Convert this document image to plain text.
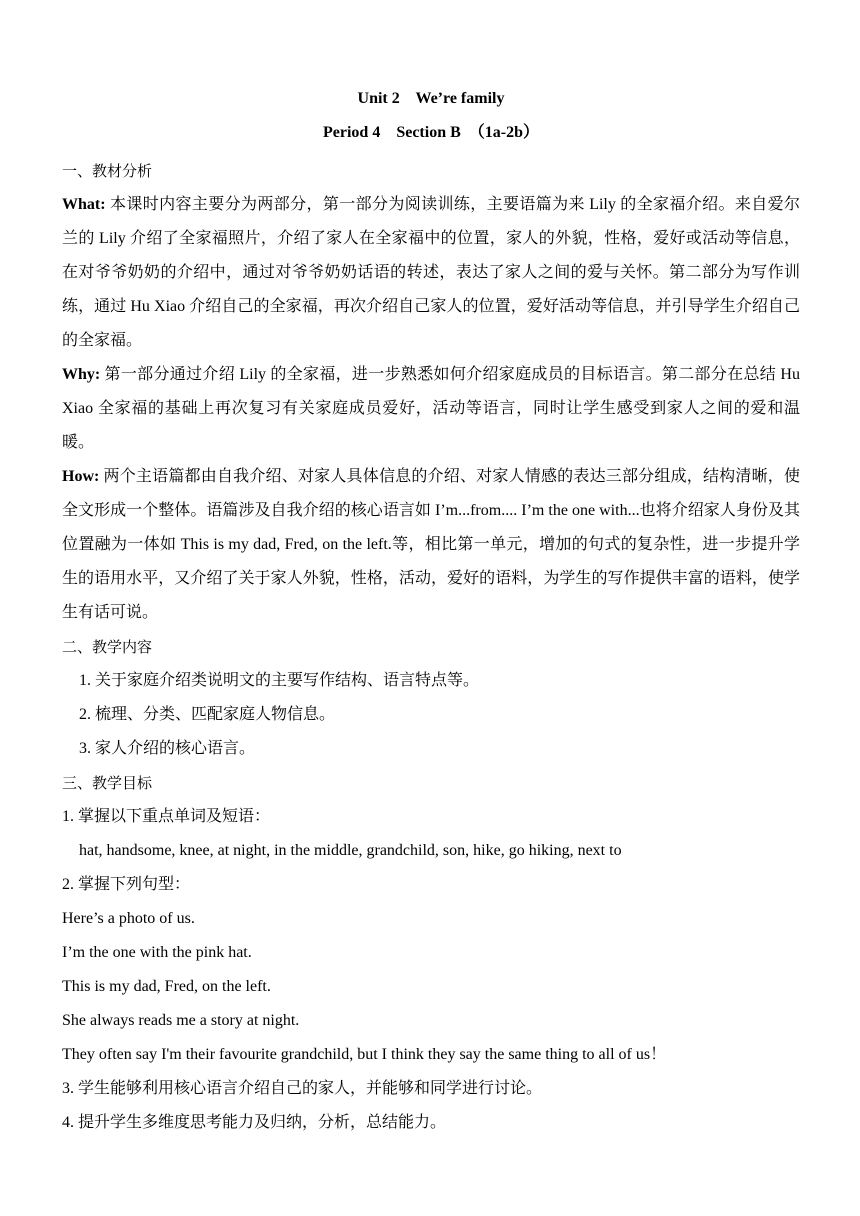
Unit 2    We’re family
Period 4    Section B  （1a-2b）
一、教材分析
What: 本课时内容主要分为两部分，第一部分为阅读训练，主要语篇为来 Lily 的全家福介绍。来自爱尔兰的 Lily 介绍了全家福照片，介绍了家人在全家福中的位置，家人的外貌，性格，爱好或活动等信息，在对爷爷奶奶的介绍中，通过对爷爷奶奶话语的转述，表达了家人之间的爱与关怀。第二部分为写作训练，通过 Hu Xiao 介绍自己的全家福，再次介绍自己家人的位置，爱好活动等信息，并引导学生介绍自己的全家福。
Why: 第一部分通过介绍 Lily 的全家福，进一步熟悉如何介绍家庭成员的目标语言。第二部分在总结 Hu Xiao 全家福的基础上再次复习有关家庭成员爱好，活动等语言，同时让学生感受到家人之间的爱和温暖。
How: 两个主语篇都由自我介绍、对家人具体信息的介绍、对家人情感的表达三部分组成，结构清晰，使全文形成一个整体。语篇涉及自我介绍的核心语言如 I’m...from.... I’m the one with...也将介绍家人身份及其位置融为一体如 This is my dad, Fred, on the left.等，相比第一单元，增加的句式的复杂性，进一步提升学生的语用水平，又介绍了关于家人外貌，性格，活动，爱好的语料，为学生的写作提供丰富的语料，使学生有话可说。
二、教学内容
1. 关于家庭介绍类说明文的主要写作结构、语言特点等。
2. 梳理、分类、匹配家庭人物信息。
3. 家人介绍的核心语言。
三、教学目标
1. 掌握以下重点单词及短语：
hat, handsome, knee, at night, in the middle, grandchild, son, hike, go hiking, next to
2. 掌握下列句型：
Here’s a photo of us.
I’m the one with the pink hat.
This is my dad, Fred, on the left.
She always reads me a story at night.
They often say I'm their favourite grandchild, but I think they say the same thing to all of us！
3. 学生能够利用核心语言介绍自己的家人，并能够和同学进行讨论。
4. 提升学生多维度思考能力及归纳，分析，总结能力。
